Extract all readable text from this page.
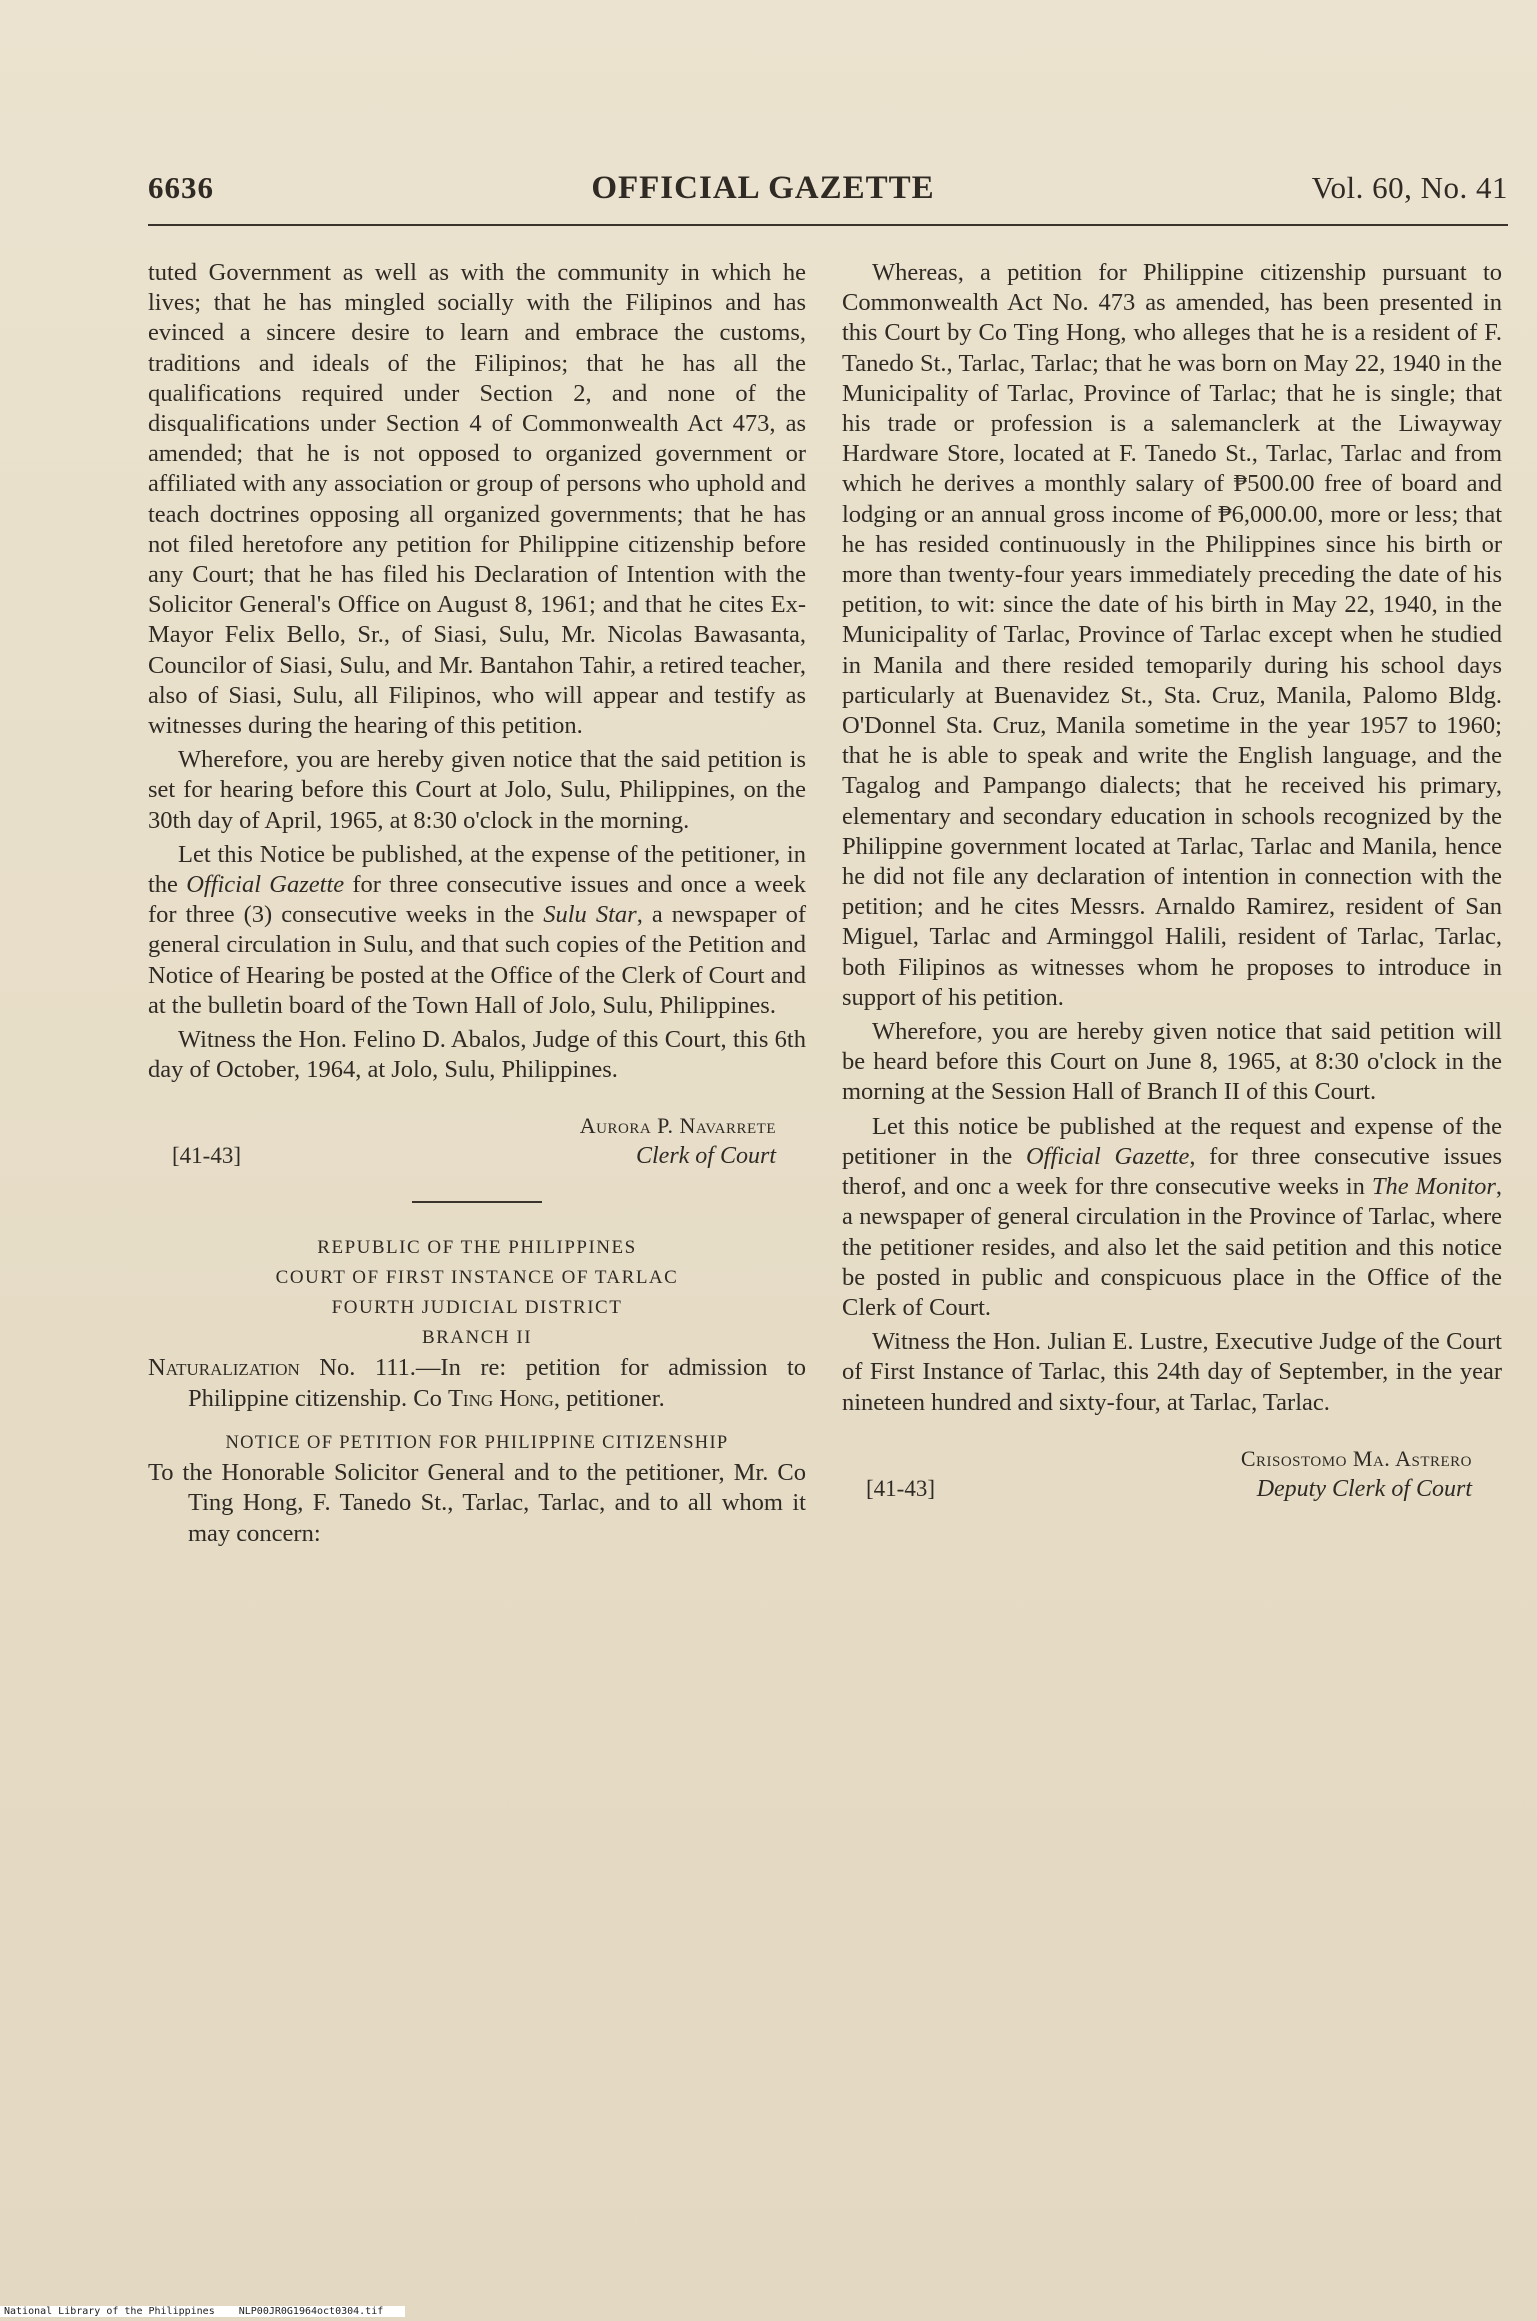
6636	OFFICIAL GAZETTE	Vol. 60, No. 41

tuted Government as well as with the community in which he lives; that he has mingled socially with the Filipinos and has evinced a sincere desire to learn and embrace the customs, traditions and ideals of the Filipinos; that he has all the qualifications required under Section 2, and none of the disqualifications under Section 4 of Commonwealth Act 473, as amended; that he is not opposed to organized government or affiliated with any association or group of persons who uphold and teach doctrines opposing all organized governments; that he has not filed heretofore any petition for Philippine citizenship before any Court; that he has filed his Declaration of Intention with the Solicitor General's Office on August 8, 1961; and that he cites Ex-Mayor Felix Bello, Sr., of Siasi, Sulu, Mr. Nicolas Bawasanta, Councilor of Siasi, Sulu, and Mr. Bantahon Tahir, a retired teacher, also of Siasi, Sulu, all Filipinos, who will appear and testify as witnesses during the hearing of this petition.

Wherefore, you are hereby given notice that the said petition is set for hearing before this Court at Jolo, Sulu, Philippines, on the 30th day of April, 1965, at 8:30 o'clock in the morning.

Let this Notice be published, at the expense of the petitioner, in the Official Gazette for three consecutive issues and once a week for three (3) consecutive weeks in the Sulu Star, a newspaper of general circulation in Sulu, and that such copies of the Petition and Notice of Hearing be posted at the Office of the Clerk of Court and at the bulletin board of the Town Hall of Jolo, Sulu, Philippines.

Witness the Hon. Felino D. Abalos, Judge of this Court, this 6th day of October, 1964, at Jolo, Sulu, Philippines.

Aurora P. Navarrete
Clerk of Court
[41-43]
REPUBLIC OF THE PHILIPPINES
COURT OF FIRST INSTANCE OF TARLAC
FOURTH JUDICIAL DISTRICT
BRANCH II

Naturalization No. 111.—In re: petition for admission to Philippine citizenship. Co Ting Hong, petitioner.

NOTICE OF PETITION FOR PHILIPPINE CITIZENSHIP

To the Honorable Solicitor General and to the petitioner, Mr. Co Ting Hong, F. Tanedo St., Tarlac, Tarlac, and to all whom it may concern:

Whereas, a petition for Philippine citizenship pursuant to Commonwealth Act No. 473 as amended, has been presented in this Court by Co Ting Hong, who alleges that he is a resident of F. Tanedo St., Tarlac, Tarlac; that he was born on May 22, 1940 in the Municipality of Tarlac, Province of Tarlac; that he is single; that his trade or profession is a salemanclerk at the Liwayway Hardware Store, located at F. Tanedo St., Tarlac, Tarlac and from which he derives a monthly salary of ₱500.00 free of board and lodging or an annual gross income of ₱6,000.00, more or less; that he has resided continuously in the Philippines since his birth or more than twenty-four years immediately preceding the date of his petition, to wit: since the date of his birth in May 22, 1940, in the Municipality of Tarlac, Province of Tarlac except when he studied in Manila and there resided temoparily during his school days particularly at Buenavidez St., Sta. Cruz, Manila, Palomo Bldg. O'Donnel Sta. Cruz, Manila sometime in the year 1957 to 1960; that he is able to speak and write the English language, and the Tagalog and Pampango dialects; that he received his primary, elementary and secondary education in schools recognized by the Philippine government located at Tarlac, Tarlac and Manila, hence he did not file any declaration of intention in connection with the petition; and he cites Messrs. Arnaldo Ramirez, resident of San Miguel, Tarlac and Arminggol Halili, resident of Tarlac, Tarlac, both Filipinos as witnesses whom he proposes to introduce in support of his petition.

Wherefore, you are hereby given notice that said petition will be heard before this Court on June 8, 1965, at 8:30 o'clock in the morning at the Session Hall of Branch II of this Court.

Let this notice be published at the request and expense of the petitioner in the Official Gazette, for three consecutive issues therof, and onc a week for thre consecutive weeks in The Monitor, a newspaper of general circulation in the Province of Tarlac, where the petitioner resides, and also let the said petition and this notice be posted in public and conspicuous place in the Office of the Clerk of Court.

Witness the Hon. Julian E. Lustre, Executive Judge of the Court of First Instance of Tarlac, this 24th day of September, in the year nineteen hundred and sixty-four, at Tarlac, Tarlac.

Crisostomo Ma. Astrero
Deputy Clerk of Court
[41-43]
National Library of the Philippines NLP00JR0G1964oct0304.tif
